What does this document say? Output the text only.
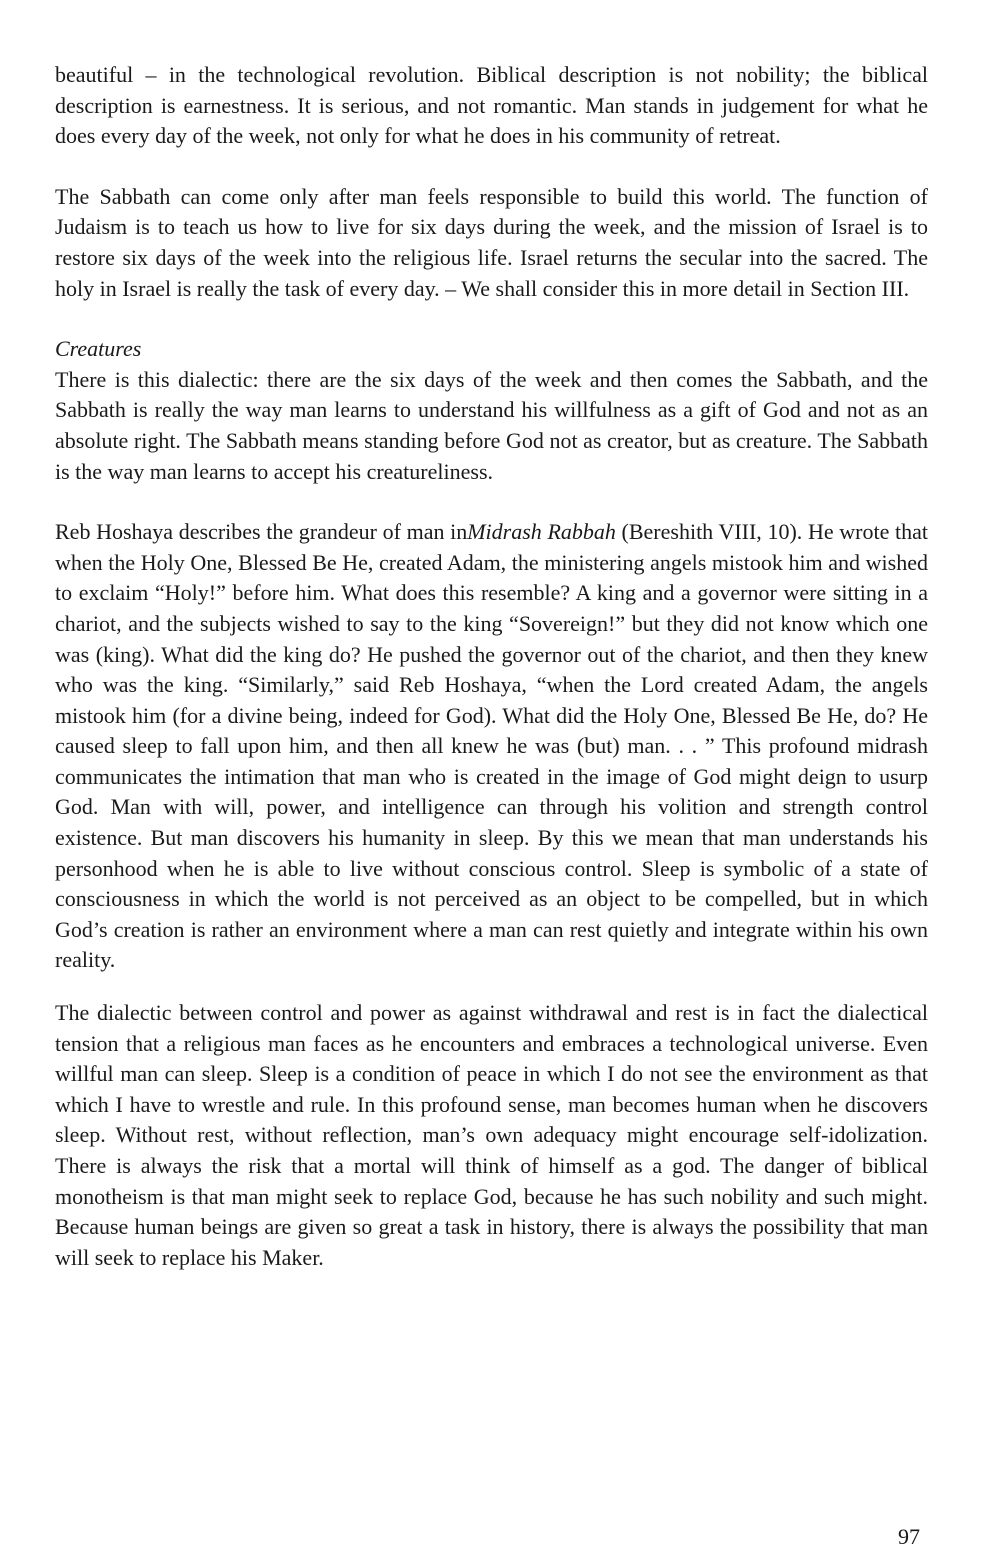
beautiful – in the technological revolution. Biblical description is not nobility; the biblical description is earnestness. It is serious, and not romantic. Man stands in judgement for what he does every day of the week, not only for what he does in his community of retreat.

The Sabbath can come only after man feels responsible to build this world. The function of Judaism is to teach us how to live for six days during the week, and the mission of Israel is to restore six days of the week into the religious life. Israel returns the secular into the sacred. The holy in Israel is really the task of every day. – We shall consider this in more detail in Section III.

Creatures

There is this dialectic: there are the six days of the week and then comes the Sabbath, and the Sabbath is really the way man learns to understand his willfulness as a gift of God and not as an absolute right. The Sabbath means standing before God not as creator, but as creature. The Sabbath is the way man learns to accept his creatureliness.

Reb Hoshaya describes the grandeur of man inMidrash Rabbah (Bereshith VIII, 10). He wrote that when the Holy One, Blessed Be He, created Adam, the ministering angels mistook him and wished to exclaim “Holy!” before him. What does this resemble? A king and a governor were sitting in a chariot, and the subjects wished to say to the king “Sovereign!” but they did not know which one was (king). What did the king do? He pushed the governor out of the chariot, and then they knew who was the king. “Similarly,” said Reb Hoshaya, “when the Lord created Adam, the angels mistook him (for a divine being, indeed for God). What did the Holy One, Blessed Be He, do? He caused sleep to fall upon him, and then all knew he was (but) man. . . ” This profound midrash communicates the intimation that man who is created in the image of God might deign to usurp God. Man with will, power, and intelligence can through his volition and strength control existence. But man discovers his humanity in sleep. By this we mean that man understands his personhood when he is able to live without conscious control. Sleep is symbolic of a state of consciousness in which the world is not perceived as an object to be compelled, but in which God’s creation is rather an environment where a man can rest quietly and integrate within his own reality.

The dialectic between control and power as against withdrawal and rest is in fact the dialectical tension that a religious man faces as he encounters and embraces a technological universe. Even willful man can sleep. Sleep is a condition of peace in which I do not see the environment as that which I have to wrestle and rule. In this profound sense, man becomes human when he discovers sleep. Without rest, without reflection, man’s own adequacy might encourage self-idolization. There is always the risk that a mortal will think of himself as a god. The danger of biblical monotheism is that man might seek to replace God, because he has such nobility and such might. Because human beings are given so great a task in history, there is always the possibility that man will seek to replace his Maker.

97
